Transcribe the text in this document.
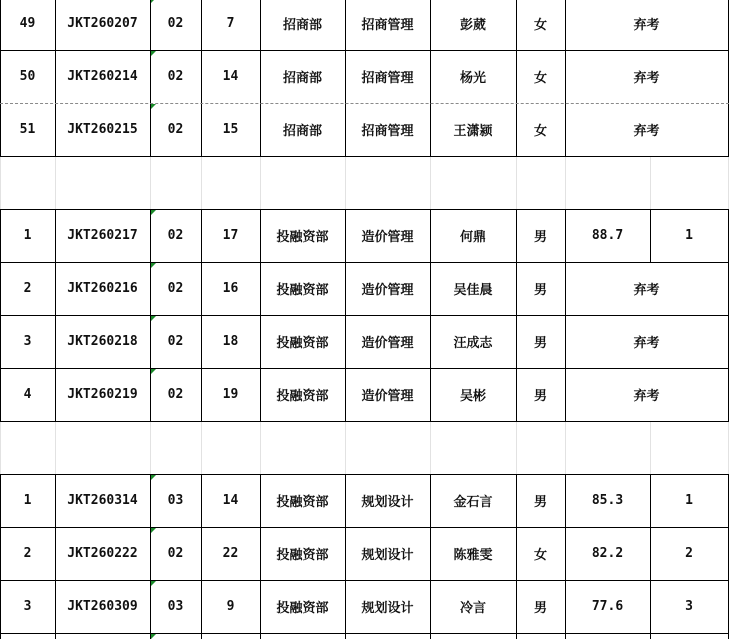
49	JKT260207	02	7	招商部	招商管理	彭葳	女	弃考
50	JKT260214	02	14	招商部	招商管理	杨光	女	弃考
51	JKT260215	02	15	招商部	招商管理	王潇颍	女	弃考
1	JKT260217	02	17	投融资部	造价管理	何鼎	男	88.7	1
2	JKT260216	02	16	投融资部	造价管理	吴佳晨	男	弃考
3	JKT260218	02	18	投融资部	造价管理	汪成志	男	弃考
4	JKT260219	02	19	投融资部	造价管理	吴彬	男	弃考
1	JKT260314	03	14	投融资部	规划设计	金石言	男	85.3	1
2	JKT260222	02	22	投融资部	规划设计	陈雅雯	女	82.2	2
3	JKT260309	03	9	投融资部	规划设计	冷言	男	77.6	3
